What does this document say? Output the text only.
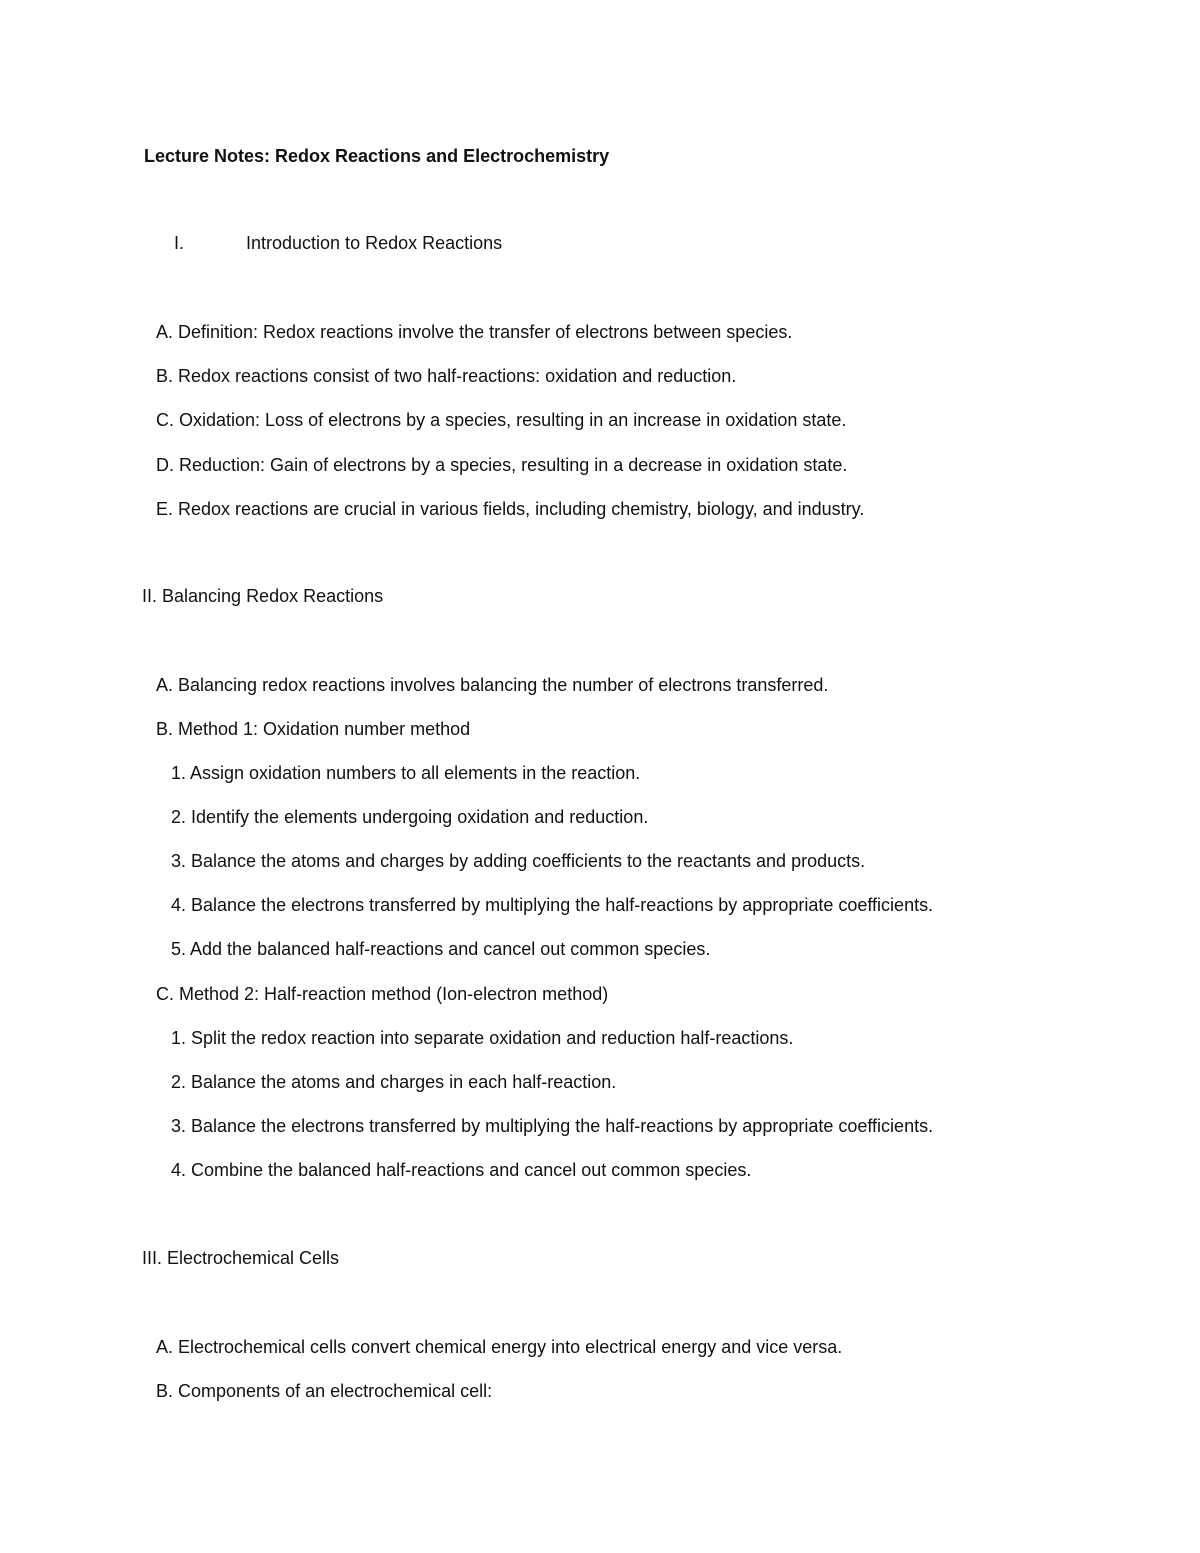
Lecture Notes: Redox Reactions and Electrochemistry
I.	Introduction to Redox Reactions
A. Definition: Redox reactions involve the transfer of electrons between species.
B. Redox reactions consist of two half-reactions: oxidation and reduction.
C. Oxidation: Loss of electrons by a species, resulting in an increase in oxidation state.
D. Reduction: Gain of electrons by a species, resulting in a decrease in oxidation state.
E. Redox reactions are crucial in various fields, including chemistry, biology, and industry.
II. Balancing Redox Reactions
A. Balancing redox reactions involves balancing the number of electrons transferred.
B. Method 1: Oxidation number method
1. Assign oxidation numbers to all elements in the reaction.
2. Identify the elements undergoing oxidation and reduction.
3. Balance the atoms and charges by adding coefficients to the reactants and products.
4. Balance the electrons transferred by multiplying the half-reactions by appropriate coefficients.
5. Add the balanced half-reactions and cancel out common species.
C. Method 2: Half-reaction method (Ion-electron method)
1. Split the redox reaction into separate oxidation and reduction half-reactions.
2. Balance the atoms and charges in each half-reaction.
3. Balance the electrons transferred by multiplying the half-reactions by appropriate coefficients.
4. Combine the balanced half-reactions and cancel out common species.
III. Electrochemical Cells
A. Electrochemical cells convert chemical energy into electrical energy and vice versa.
B. Components of an electrochemical cell:
